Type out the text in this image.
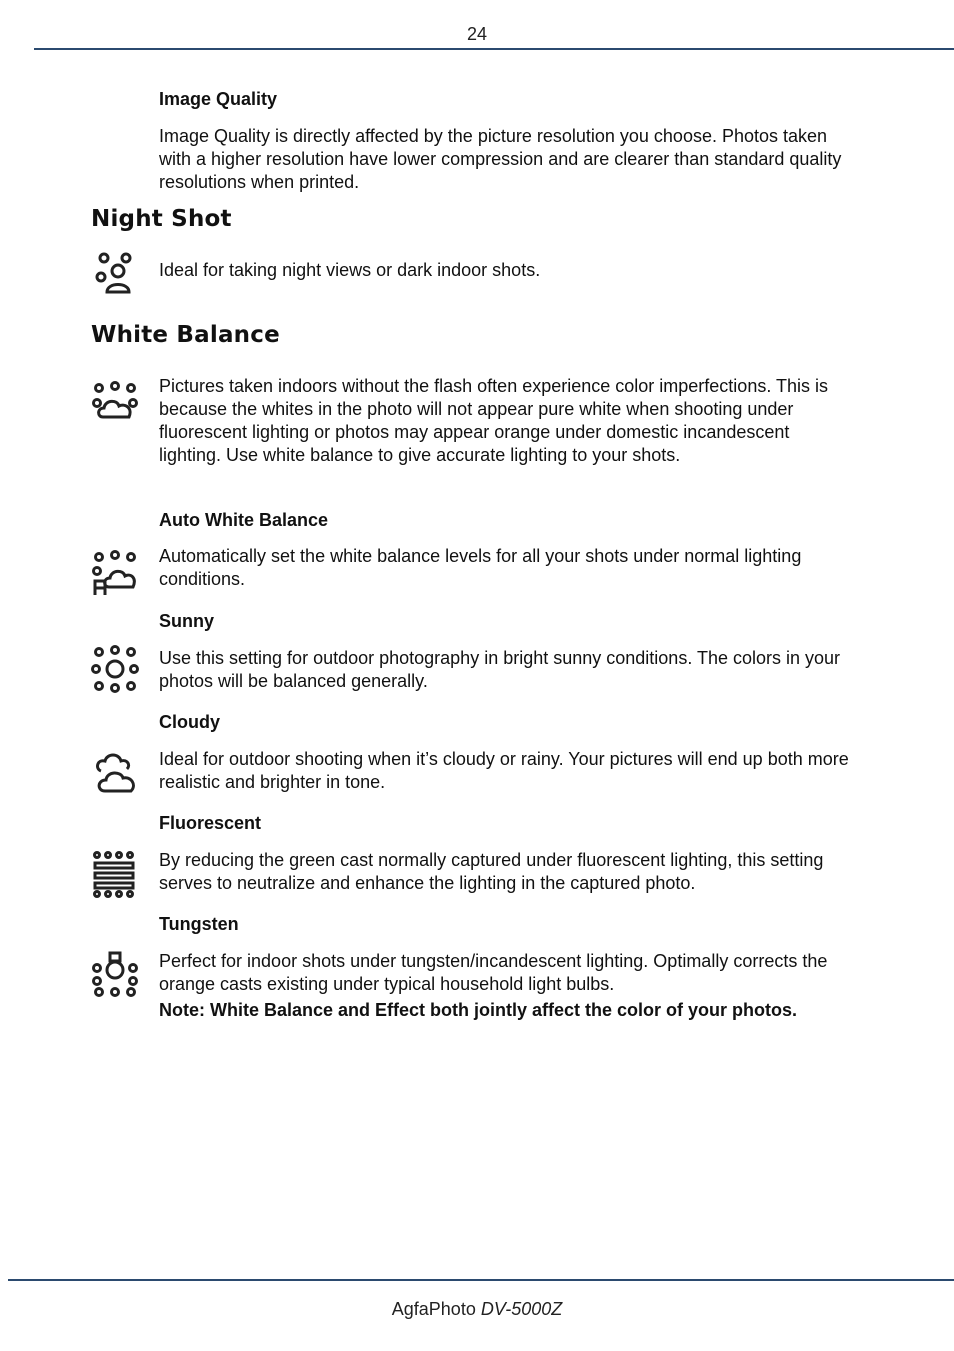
24
Image Quality
Image Quality is directly affected by the picture resolution you choose. Photos taken with a higher resolution have lower compression and are clearer than standard quality resolutions when printed.
Night Shot
Ideal for taking night views or dark indoor shots.
White Balance
Pictures taken indoors without the flash often experience color imperfections. This is because the whites in the photo will not appear pure white when shooting under fluorescent lighting or photos may appear orange under domestic incandescent lighting. Use white balance to give accurate lighting to your shots.
Auto White Balance
Automatically set the white balance levels for all your shots under normal lighting conditions.
Sunny
Use this setting for outdoor photography in bright sunny conditions. The colors in your photos will be balanced generally.
Cloudy
Ideal for outdoor shooting when it’s cloudy or rainy. Your pictures will end up both more realistic and brighter in tone.
Fluorescent
By reducing the green cast normally captured under fluorescent lighting, this setting serves to neutralize and enhance the lighting in the captured photo.
Tungsten
Perfect for indoor shots under tungsten/incandescent lighting. Optimally corrects the orange casts existing under typical household light bulbs.
Note: White Balance and Effect both jointly affect the color of your photos.
AgfaPhoto DV-5000Z
